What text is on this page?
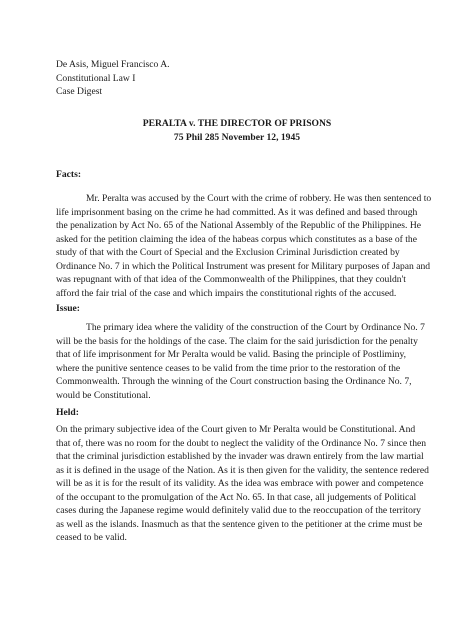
De Asis, Miguel Francisco A.
Constitutional Law I
Case Digest
PERALTA v. THE DIRECTOR OF PRISONS
75 Phil 285 November 12, 1945
Facts:
Mr. Peralta was accused by the Court with the crime of robbery. He was then sentenced to
life imprisonment basing on the crime he had committed. As it was defined and based through
the penalization by Act No. 65 of the National Assembly of the Republic of the Philippines. He
asked for the petition claiming the idea of the habeas corpus which constitutes as a base of the
study of that with the Court of Special and the Exclusion Criminal Jurisdiction created by
Ordinance No. 7 in which the Political Instrument was present for Military purposes of Japan and
was repugnant with of that idea of the Commonwealth of the Philippines, that they couldn't
afford the fair trial of the case and which impairs the constitutional rights of the accused.
Issue:
The primary idea where the validity of the construction of the Court by Ordinance No. 7
will be the basis for the holdings of the case. The claim for the said jurisdiction for the penalty
that of life imprisonment for Mr Peralta would be valid. Basing the principle of Postliminy,
where the punitive sentence ceases to be valid from the time prior to the restoration of the
Commonwealth. Through the winning of the Court construction basing the Ordinance No. 7,
would be Constitutional.
Held:
On the primary subjective idea of the Court given to Mr Peralta would be Constitutional. And
that of, there was no room for the doubt to neglect the validity of the Ordinance No. 7 since then
that the criminal jurisdiction established by the invader was drawn entirely from the law martial
as it is defined in the usage of the Nation. As it is then given for the validity, the sentence redered
will be as it is for the result of its validity. As the idea was embrace with power and competence
of the occupant to the promulgation of the Act No. 65. In that case, all judgements of Political
cases during the Japanese regime would definitely valid due to the reoccupation of the territory
as well as the islands. Inasmuch as that the sentence given to the petitioner at the crime must be
ceased to be valid.
